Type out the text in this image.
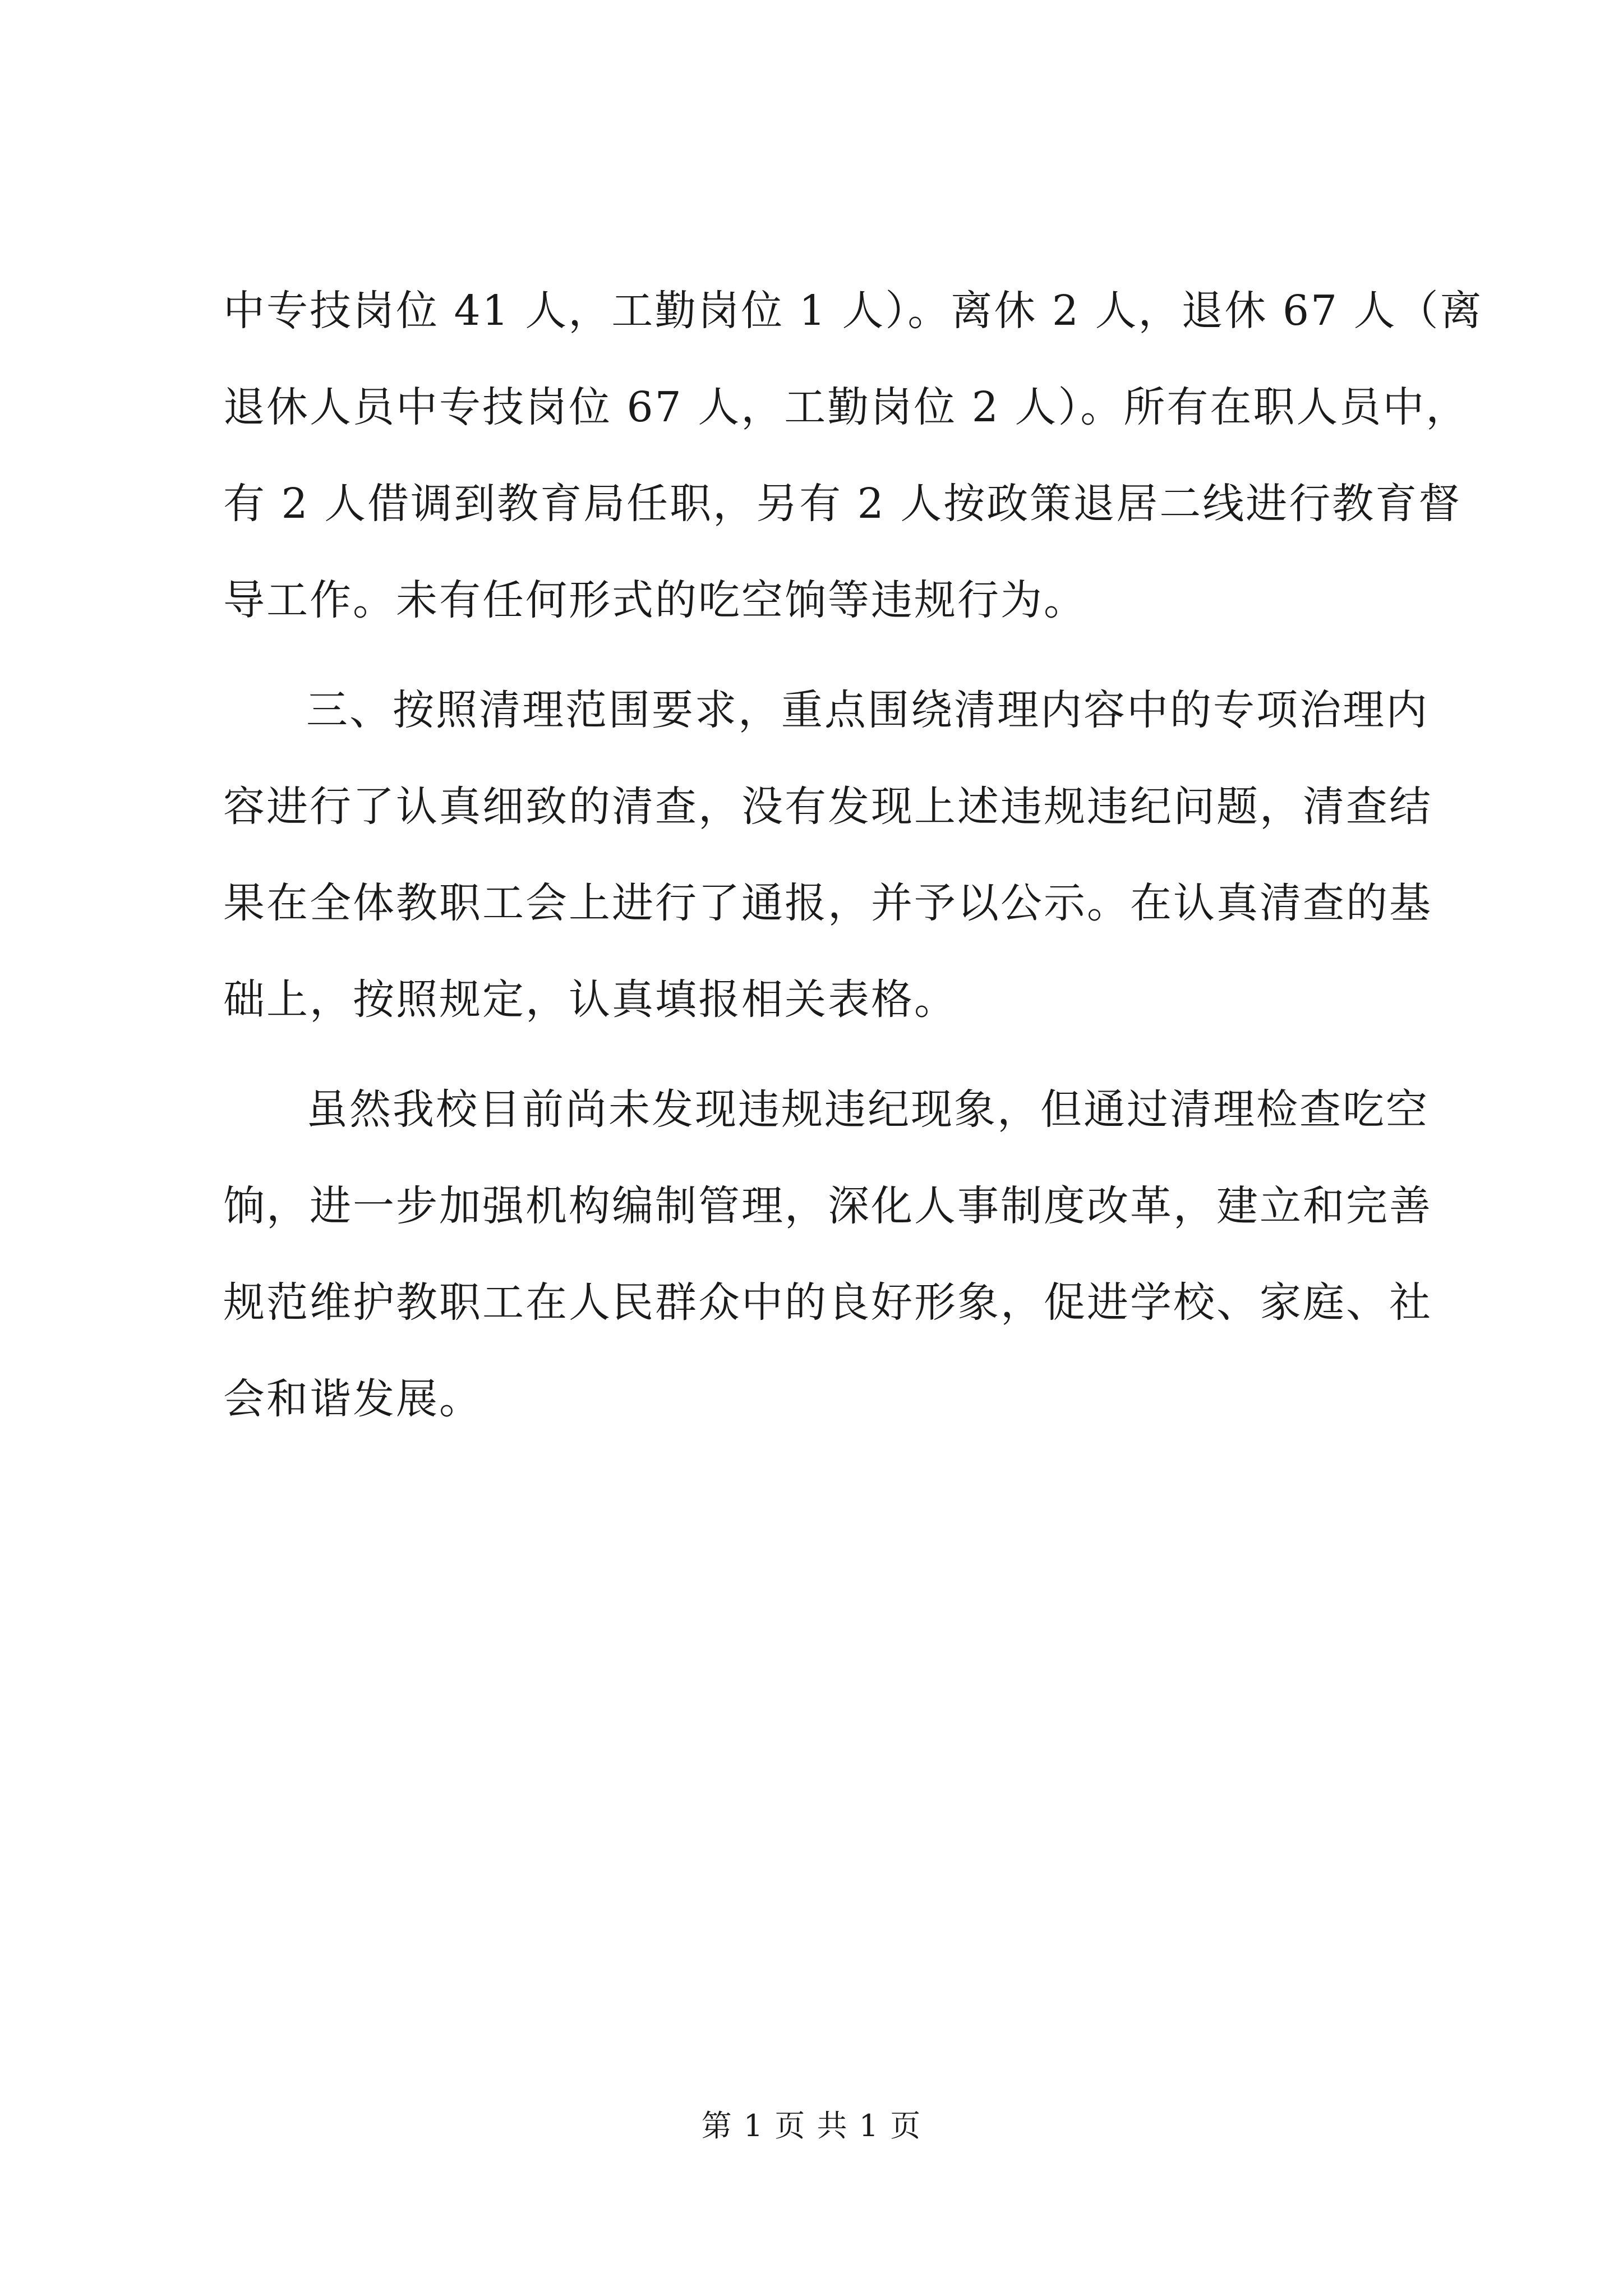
中专技岗位 41 人，工勤岗位 1 人）。离休 2 人，退休 67 人（离
退休人员中专技岗位 67 人，工勤岗位 2 人）。所有在职人员中，
有 2 人借调到教育局任职，另有 2 人按政策退居二线进行教育督
导工作。未有任何形式的吃空饷等违规行为。
三、按照清理范围要求，重点围绕清理内容中的专项治理内
容进行了认真细致的清查，没有发现上述违规违纪问题，清查结
果在全体教职工会上进行了通报，并予以公示。在认真清查的基
础上，按照规定，认真填报相关表格。
虽然我校目前尚未发现违规违纪现象，但通过清理检查吃空
饷，进一步加强机构编制管理，深化人事制度改革，建立和完善
规范维护教职工在人民群众中的良好形象，促进学校、家庭、社
会和谐发展。
第 1 页 共 1 页
